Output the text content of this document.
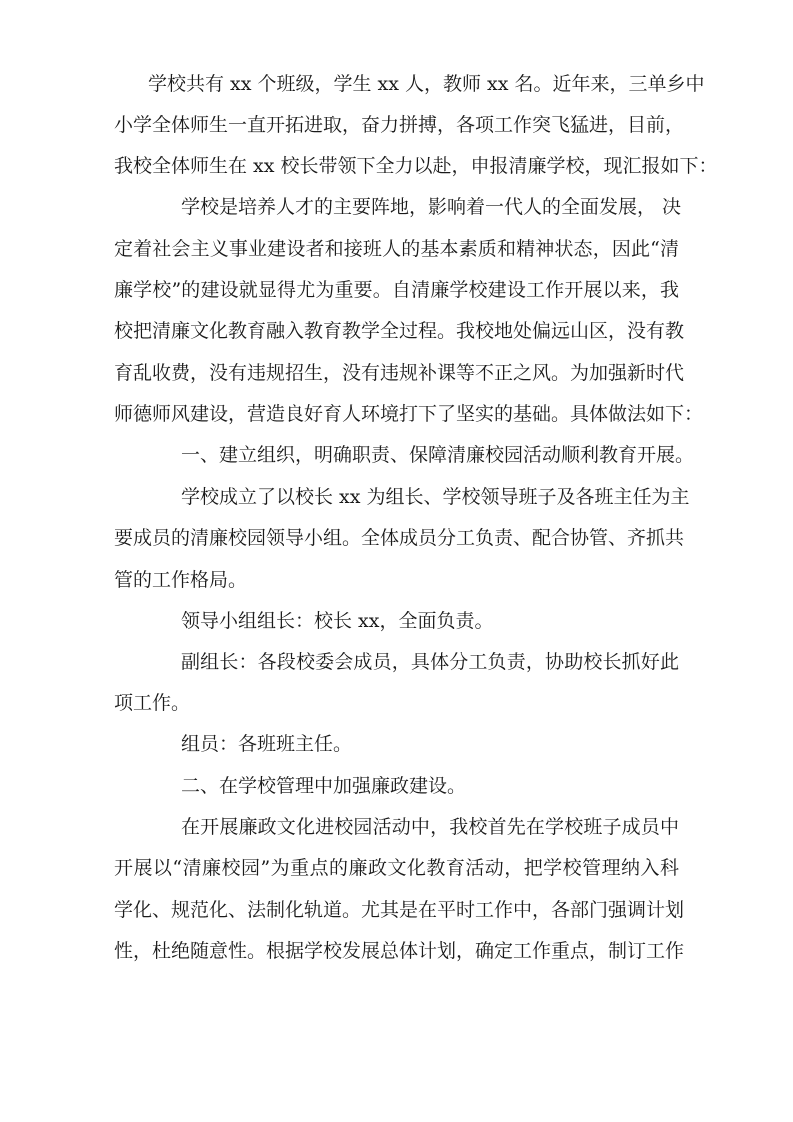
学校共有 xx 个班级，学生 xx 人，教师 xx 名。近年来，三单乡中
小学全体师生一直开拓进取，奋力拼搏，各项工作突飞猛进，目前，
我校全体师生在 xx 校长带领下全力以赴，申报清廉学校，现汇报如下：
学校是培养人才的主要阵地，影响着一代人的全面发展， 决
定着社会主义事业建设者和接班人的基本素质和精神状态，因此“清
廉学校”的建设就显得尤为重要。自清廉学校建设工作开展以来，我
校把清廉文化教育融入教育教学全过程。我校地处偏远山区，没有教
育乱收费，没有违规招生，没有违规补课等不正之风。为加强新时代
师德师风建设，营造良好育人环境打下了坚实的基础。具体做法如下：
一、建立组织，明确职责、保障清廉校园活动顺利教育开展。
学校成立了以校长 xx 为组长、学校领导班子及各班主任为主
要成员的清廉校园领导小组。全体成员分工负责、配合协管、齐抓共
管的工作格局。
领导小组组长：校长 xx，全面负责。
副组长：各段校委会成员，具体分工负责，协助校长抓好此
项工作。
组员：各班班主任。
二、在学校管理中加强廉政建设。
在开展廉政文化进校园活动中，我校首先在学校班子成员中
开展以“清廉校园”为重点的廉政文化教育活动，把学校管理纳入科
学化、规范化、法制化轨道。尤其是在平时工作中，各部门强调计划
性，杜绝随意性。根据学校发展总体计划，确定工作重点，制订工作
